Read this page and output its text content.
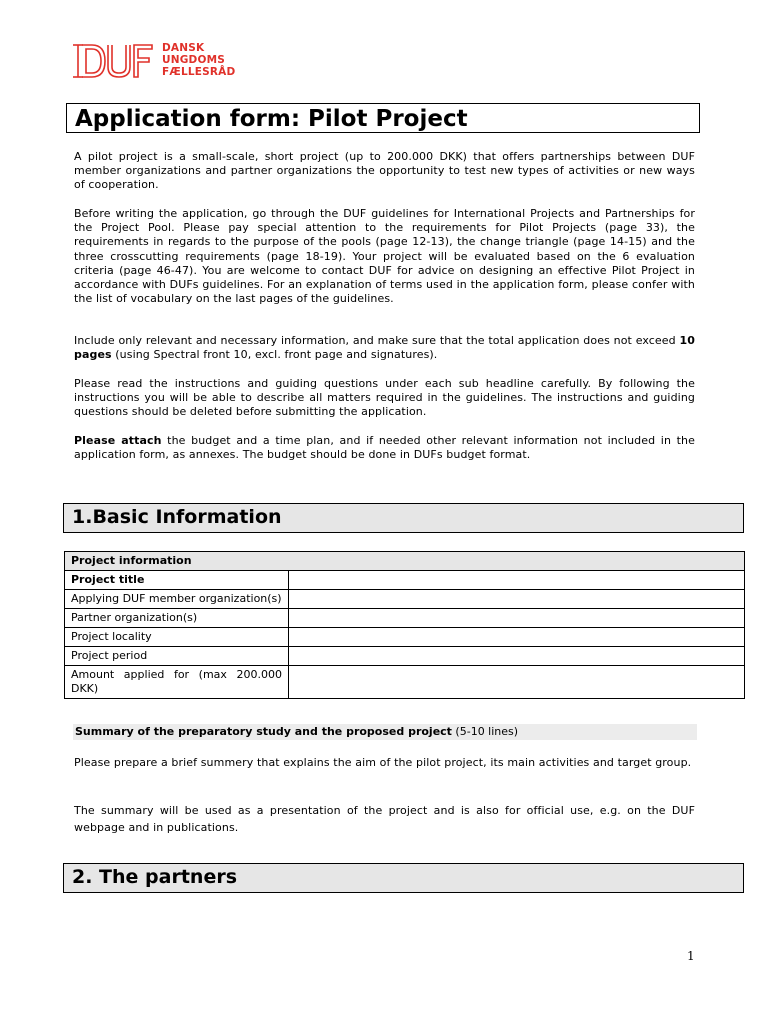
DANSK
UNGDOMS
FÆLLESRÅD
Application form: Pilot Project
A pilot project is a small-scale, short project (up to 200.000 DKK) that offers partnerships between DUF member organizations and partner organizations the opportunity to test new types of activities or new ways of cooperation.
Before writing the application, go through the DUF guidelines for International Projects and Partnerships for the Project Pool. Please pay special attention to the requirements for Pilot Projects (page 33), the requirements in regards to the purpose of the pools (page 12-13), the change triangle (page 14-15) and the three crosscutting requirements (page 18-19). Your project will be evaluated based on the 6 evaluation criteria (page 46-47). You are welcome to contact DUF for advice on designing an effective Pilot Project in accordance with DUFs guidelines. For an explanation of terms used in the application form, please confer with the list of vocabulary on the last pages of the guidelines.
Include only relevant and necessary information, and make sure that the total application does not exceed 10 pages (using Spectral front 10, excl. front page and signatures).
Please read the instructions and guiding questions under each sub headline carefully. By following the instructions you will be able to describe all matters required in the guidelines. The instructions and guiding questions should be deleted before submitting the application.
Please attach the budget and a time plan, and if needed other relevant information not included in the application form, as annexes. The budget should be done in DUFs budget format.
1.Basic Information
Project information	
Project title	
Applying DUF member organization(s)	
Partner organization(s)	
Project locality	
Project period	
Amount applied for (max 200.000 DKK)	
Summary of the preparatory study and the proposed project (5-10 lines)
Please prepare a brief summery that explains the aim of the pilot project, its main activities and target group.
The summary will be used as a presentation of the project and is also for official use, e.g. on the DUF webpage and in publications.
2. The partners
1
